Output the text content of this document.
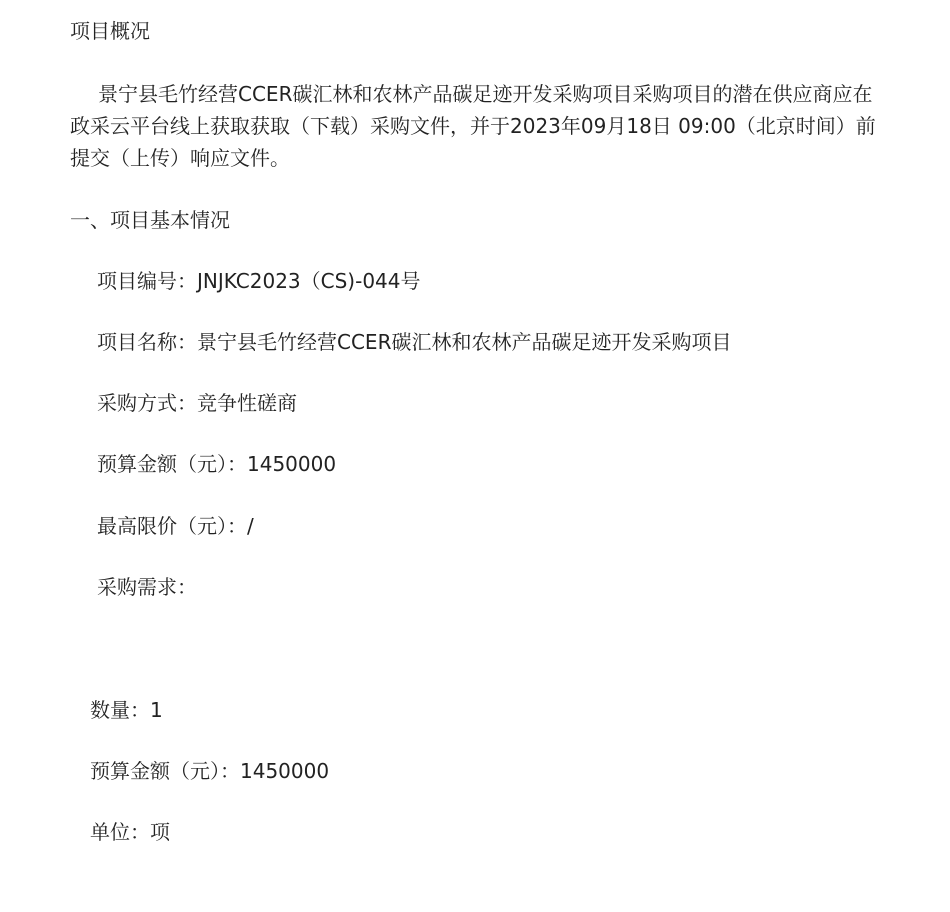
项目概况
景宁县毛竹经营CCER碳汇林和农林产品碳足迹开发采购项目采购项目的潜在供应商应在政采云平台线上获取获取（下载）采购文件，并于2023年09月18日 09:00（北京时间）前提交（上传）响应文件。
一、项目基本情况
项目编号：JNJKC2023（CS)-044号
项目名称：景宁县毛竹经营CCER碳汇林和农林产品碳足迹开发采购项目
采购方式：竞争性磋商
预算金额（元）：1450000
最高限价（元）：/
采购需求：
数量：1
预算金额（元）：1450000
单位：项
